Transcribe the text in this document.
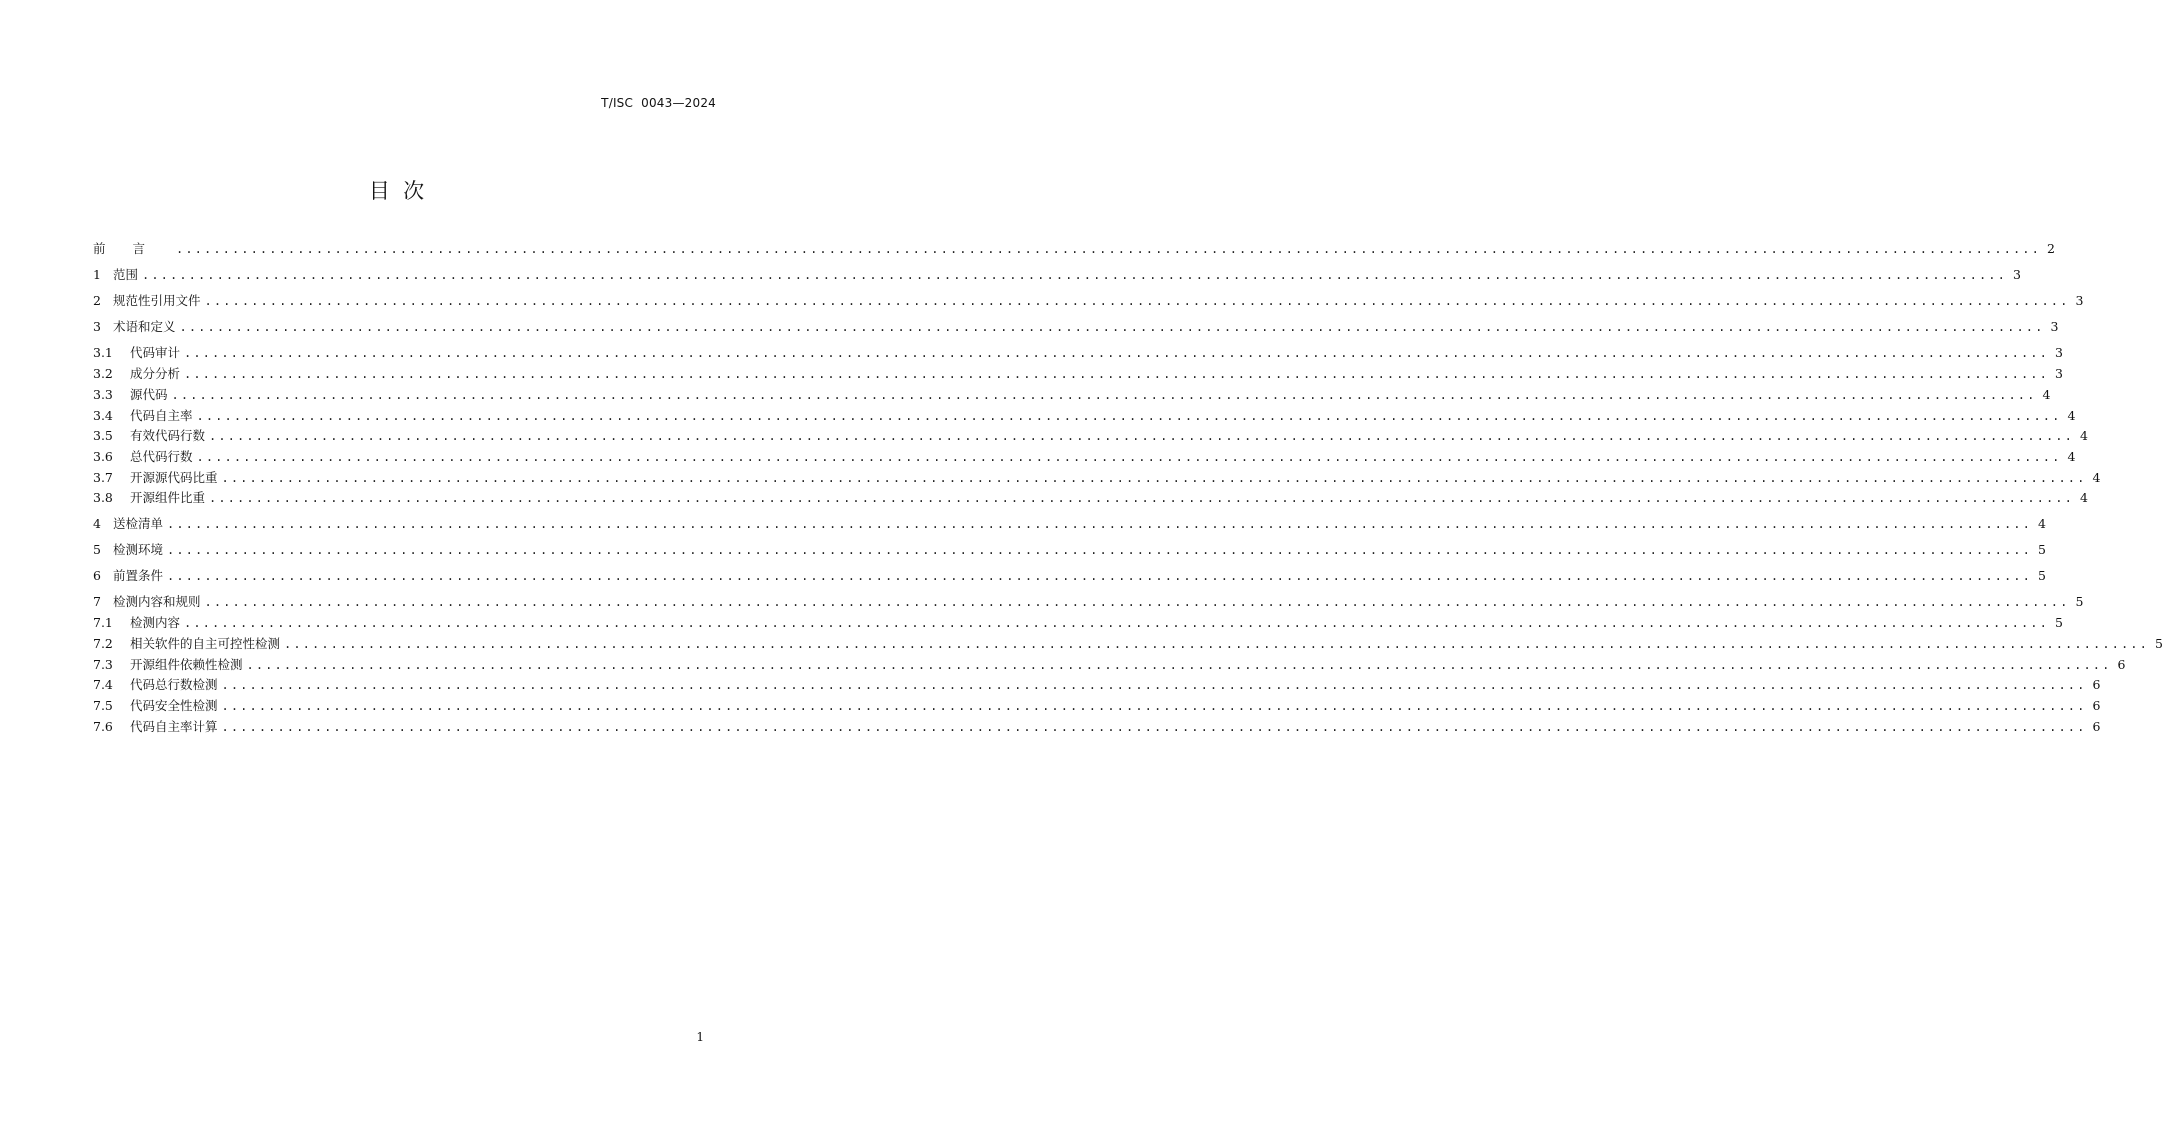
T/ISC  0043—2024
目  次
前言 ........................................................................................................................................................................................................ 2
1 范围 ........................................................................................................................................................................................................ 3
2 规范性引用文件 ........................................................................................................................................................................................................ 3
3 术语和定义 ........................................................................................................................................................................................................ 3
3.1	代码审计 ........................................................................................................................................................................................................ 3
3.2	成分分析 ........................................................................................................................................................................................................ 3
3.3	源代码 ........................................................................................................................................................................................................ 4
3.4	代码自主率 ........................................................................................................................................................................................................ 4
3.5	有效代码行数 ........................................................................................................................................................................................................ 4
3.6	总代码行数 ........................................................................................................................................................................................................ 4
3.7	开源源代码比重 ........................................................................................................................................................................................................ 4
3.8	开源组件比重 ........................................................................................................................................................................................................ 4
4 送检清单 ........................................................................................................................................................................................................ 4
5 检测环境 ........................................................................................................................................................................................................ 5
6 前置条件 ........................................................................................................................................................................................................ 5
7 检测内容和规则 ........................................................................................................................................................................................................ 5
7.1	检测内容 ........................................................................................................................................................................................................ 5
7.2	相关软件的自主可控性检测 ........................................................................................................................................................................................................ 5
7.3	开源组件依赖性检测 ........................................................................................................................................................................................................ 6
7.4	代码总行数检测 ........................................................................................................................................................................................................ 6
7.5	代码安全性检测 ........................................................................................................................................................................................................ 6
7.6	代码自主率计算 ........................................................................................................................................................................................................ 6
1
